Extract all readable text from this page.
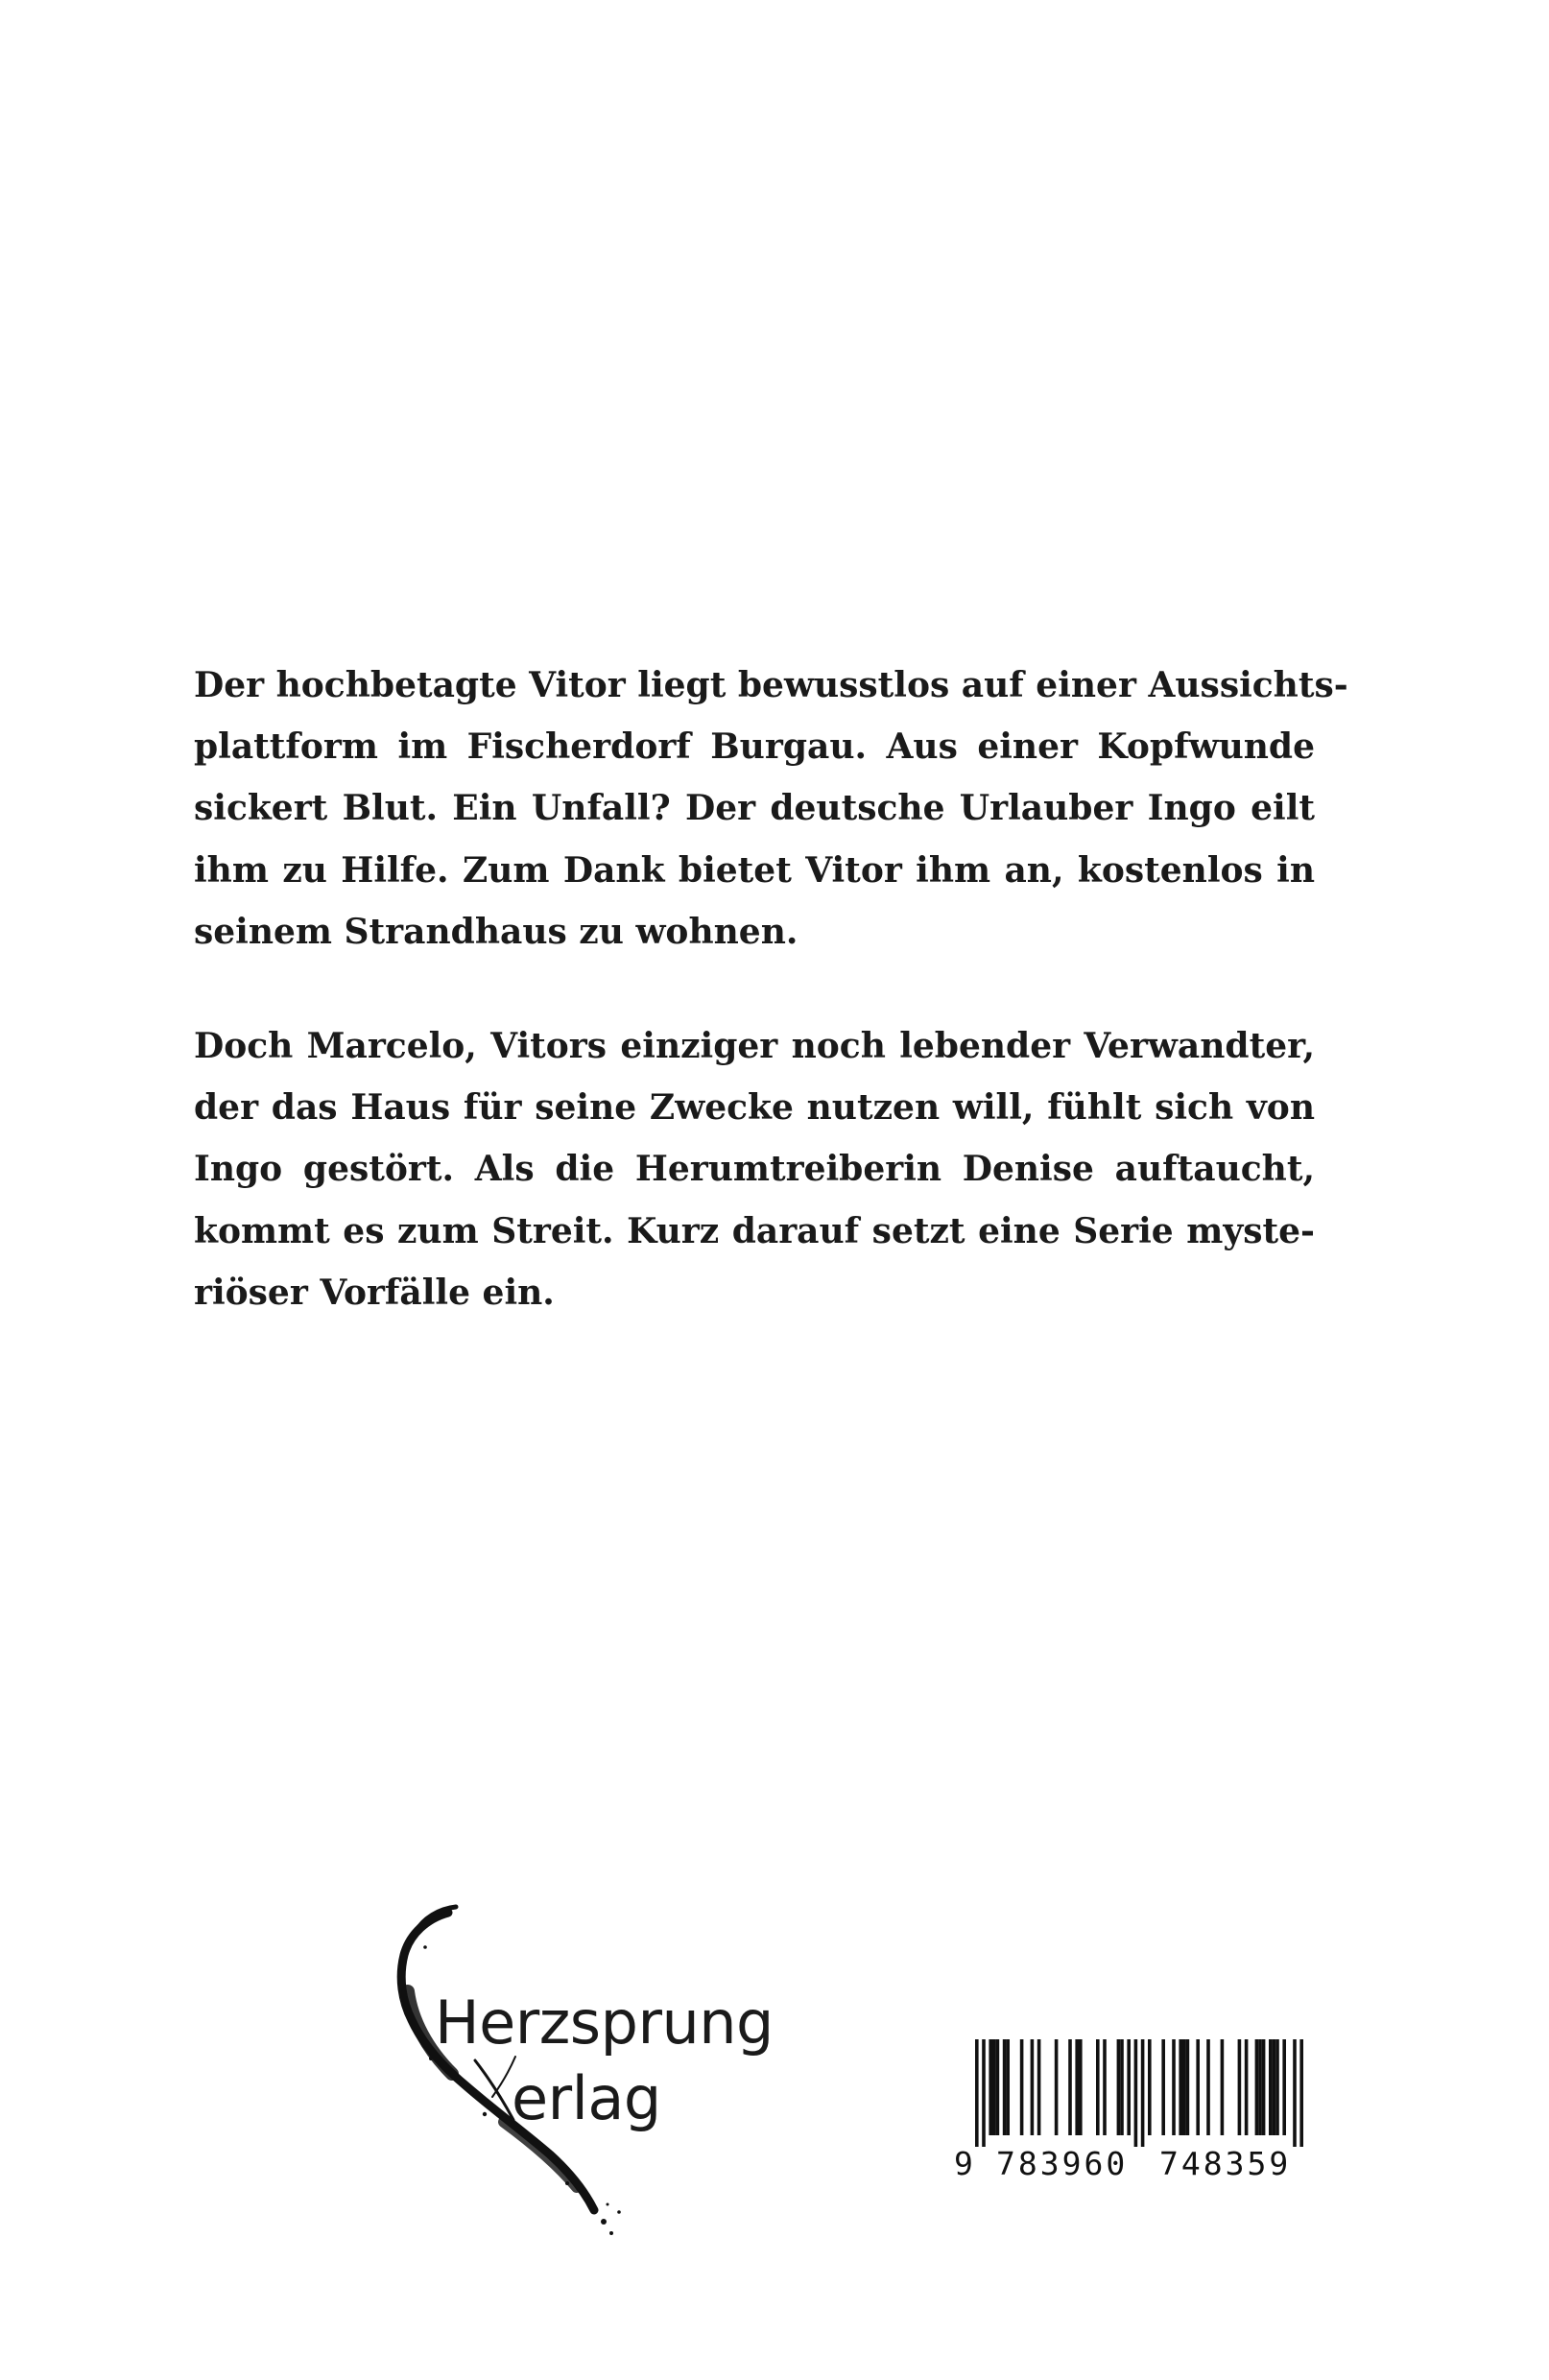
Der hochbetagte Vitor liegt bewusstlos auf einer Aussichts-
plattform im Fischerdorf Burgau. Aus einer Kopfwunde
sickert Blut. Ein Unfall? Der deutsche Urlauber Ingo eilt
ihm zu Hilfe. Zum Dank bietet Vitor ihm an, kostenlos in
seinem Strandhaus zu wohnen.
Doch Marcelo, Vitors einziger noch lebender Verwandter,
der das Haus für seine Zwecke nutzen will, fühlt sich von
Ingo gestört. Als die Herumtreiberin Denise auftaucht,
kommt es zum Streit. Kurz darauf setzt eine Serie myste-
riöser Vorfälle ein.
Herzsprung
erlag
9 783960 748359
